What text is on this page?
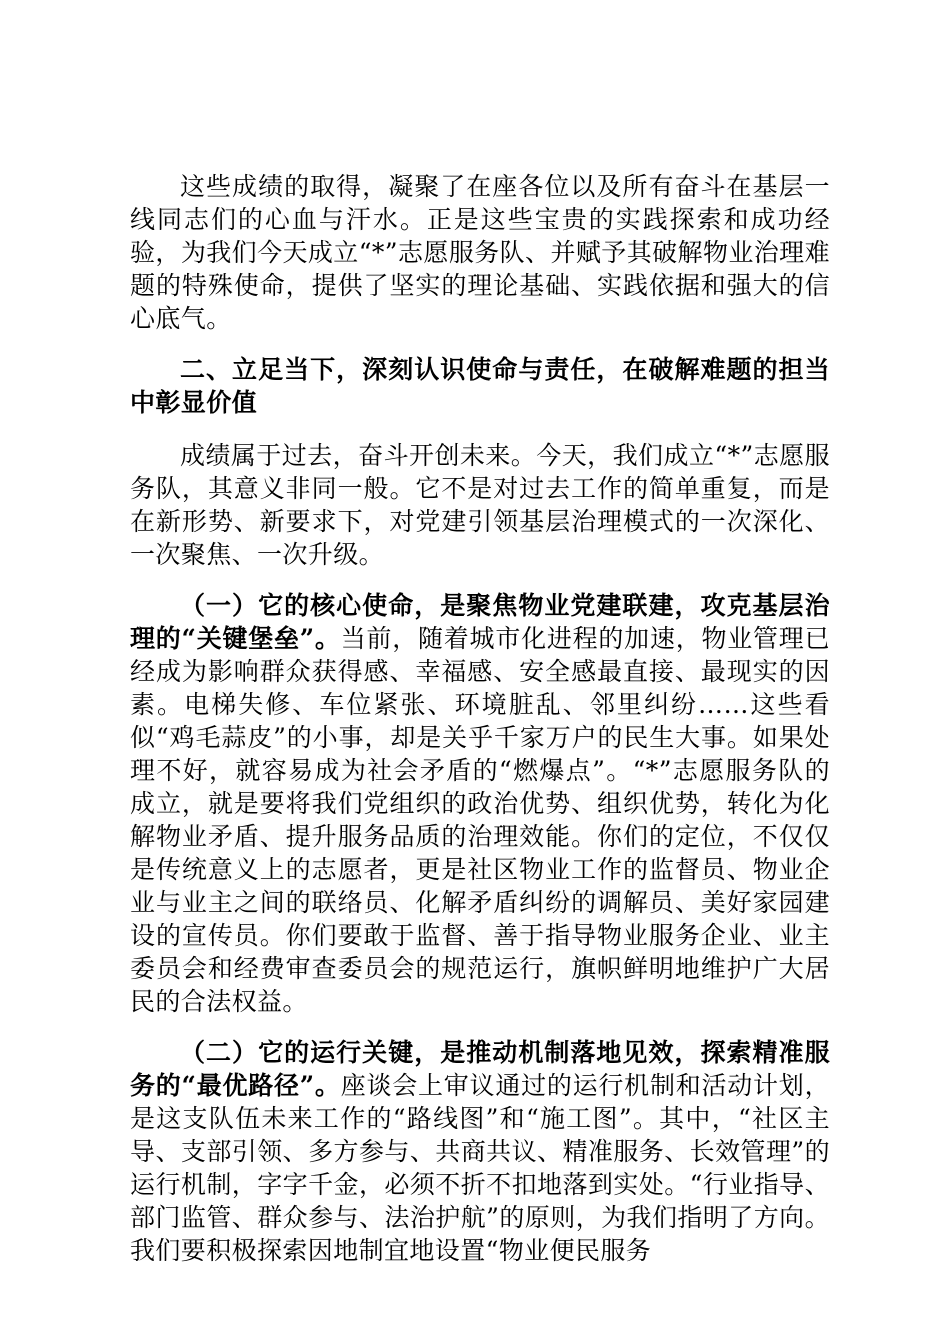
这些成绩的取得，凝聚了在座各位以及所有奋斗在基层一线同志们的心血与汗水。正是这些宝贵的实践探索和成功经验，为我们今天成立“*”志愿服务队、并赋予其破解物业治理难题的特殊使命，提供了坚实的理论基础、实践依据和强大的信心底气。

二、立足当下，深刻认识使命与责任，在破解难题的担当中彰显价值

成绩属于过去，奋斗开创未来。今天，我们成立“*”志愿服务队，其意义非同一般。它不是对过去工作的简单重复，而是在新形势、新要求下，对党建引领基层治理模式的一次深化、一次聚焦、一次升级。

（一）它的核心使命，是聚焦物业党建联建，攻克基层治理的“关键堡垒”。当前，随着城市化进程的加速，物业管理已经成为影响群众获得感、幸福感、安全感最直接、最现实的因素。电梯失修、车位紧张、环境脏乱、邻里纠纷……这些看似“鸡毛蒜皮”的小事，却是关乎千家万户的民生大事。如果处理不好，就容易成为社会矛盾的“燃爆点”。“*”志愿服务队的成立，就是要将我们党组织的政治优势、组织优势，转化为化解物业矛盾、提升服务品质的治理效能。你们的定位，不仅仅是传统意义上的志愿者，更是社区物业工作的监督员、物业企业与业主之间的联络员、化解矛盾纠纷的调解员、美好家园建设的宣传员。你们要敢于监督、善于指导物业服务企业、业主委员会和经费审查委员会的规范运行，旗帜鲜明地维护广大居民的合法权益。

（二）它的运行关键，是推动机制落地见效，探索精准服务的“最优路径”。座谈会上审议通过的运行机制和活动计划，是这支队伍未来工作的“路线图”和“施工图”。其中，“社区主导、支部引领、多方参与、共商共议、精准服务、长效管理”的运行机制，字字千金，必须不折不扣地落到实处。“行业指导、部门监管、群众参与、法治护航”的原则，为我们指明了方向。我们要积极探索因地制宜地设置“物业便民服务
